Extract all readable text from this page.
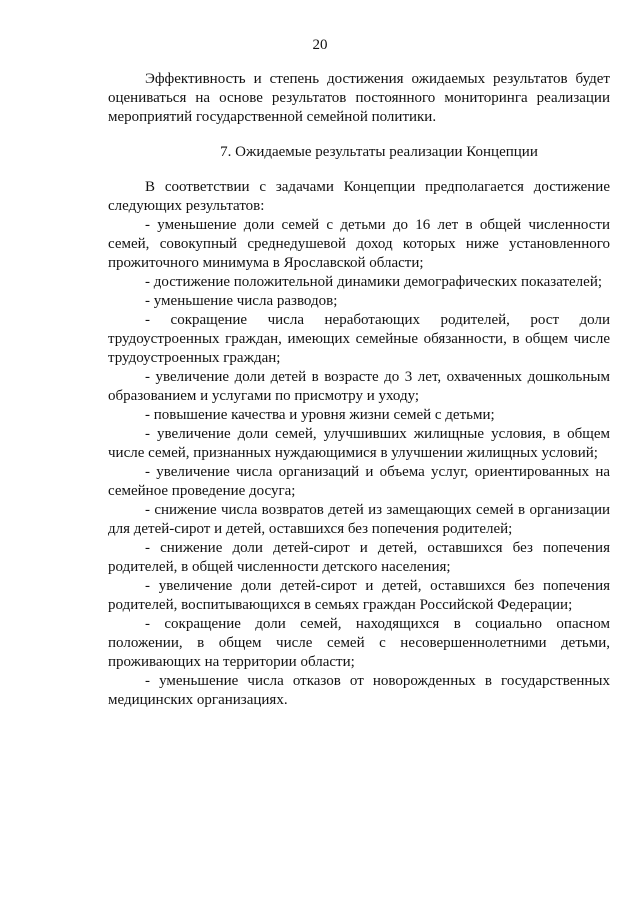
20

Эффективность и степень достижения ожидаемых результатов будет оцениваться на основе результатов постоянного мониторинга реализации мероприятий государственной семейной политики.

7. Ожидаемые результаты реализации Концепции

В соответствии с задачами Концепции предполагается достижение следующих результатов:

- уменьшение доли семей с детьми до 16 лет в общей численности семей, совокупный среднедушевой доход которых ниже установленного прожиточного минимума в Ярославской области;

- достижение положительной динамики демографических показателей;

- уменьшение числа разводов;

- сокращение числа неработающих родителей, рост доли трудоустроенных граждан, имеющих семейные обязанности, в общем числе трудоустроенных граждан;

- увеличение доли детей в возрасте до 3 лет, охваченных дошкольным образованием и услугами по присмотру и уходу;

- повышение качества и уровня жизни семей с детьми;

- увеличение доли семей, улучшивших жилищные условия, в общем числе семей, признанных нуждающимися в улучшении жилищных условий;

- увеличение числа организаций и объема услуг, ориентированных на семейное проведение досуга;

- снижение числа возвратов детей из замещающих семей в организации для детей-сирот и детей, оставшихся без попечения родителей;

- снижение доли детей-сирот и детей, оставшихся без попечения родителей, в общей численности детского населения;

- увеличение доли детей-сирот и детей, оставшихся без попечения родителей, воспитывающихся в семьях граждан Российской Федерации;

- сокращение доли семей, находящихся в социально опасном положении, в общем числе семей с несовершеннолетними детьми, проживающих на территории области;

- уменьшение числа отказов от новорожденных в государственных медицинских организациях.
